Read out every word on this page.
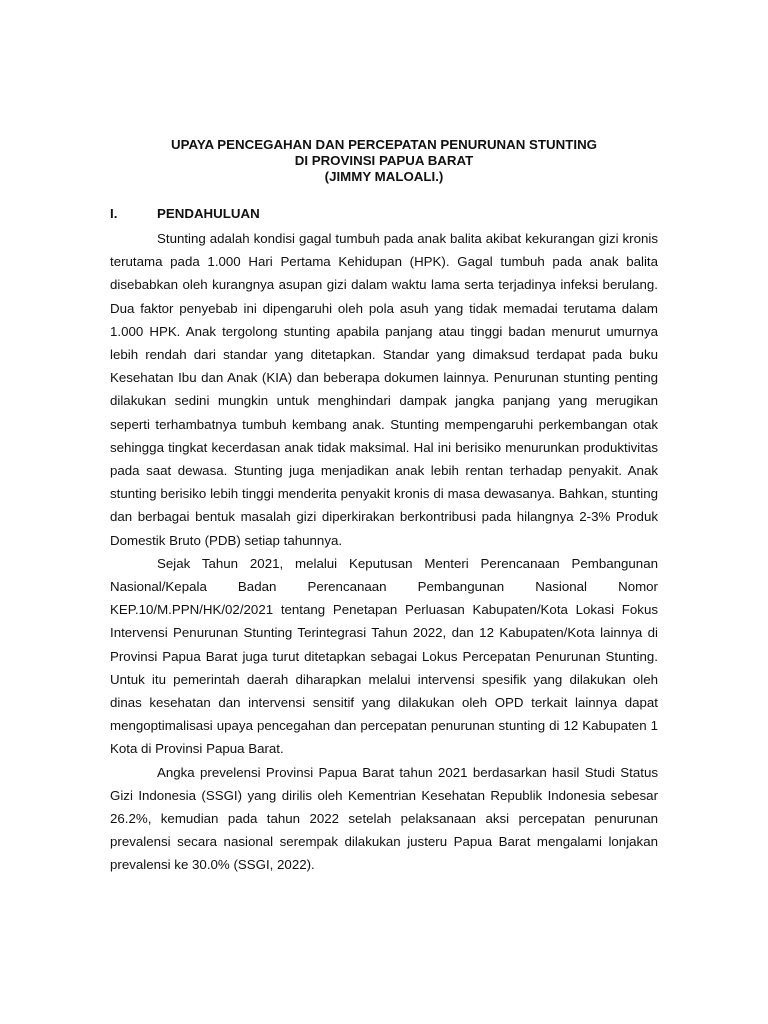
UPAYA PENCEGAHAN DAN PERCEPATAN PENURUNAN STUNTING
DI PROVINSI PAPUA BARAT
(JIMMY MALOALI.)
I.	PENDAHULUAN

Stunting adalah kondisi gagal tumbuh pada anak balita akibat kekurangan gizi kronis terutama pada 1.000 Hari Pertama Kehidupan (HPK). Gagal tumbuh pada anak balita disebabkan oleh kurangnya asupan gizi dalam waktu lama serta terjadinya infeksi berulang. Dua faktor penyebab ini dipengaruhi oleh pola asuh yang tidak memadai terutama dalam 1.000 HPK. Anak tergolong stunting apabila panjang atau tinggi badan menurut umurnya lebih rendah dari standar yang ditetapkan. Standar yang dimaksud terdapat pada buku Kesehatan Ibu dan Anak (KIA) dan beberapa dokumen lainnya. Penurunan stunting penting dilakukan sedini mungkin untuk menghindari dampak jangka panjang yang merugikan seperti terhambatnya tumbuh kembang anak. Stunting mempengaruhi perkembangan otak sehingga tingkat kecerdasan anak tidak maksimal. Hal ini berisiko menurunkan produktivitas pada saat dewasa. Stunting juga menjadikan anak lebih rentan terhadap penyakit. Anak stunting berisiko lebih tinggi menderita penyakit kronis di masa dewasanya. Bahkan, stunting dan berbagai bentuk masalah gizi diperkirakan berkontribusi pada hilangnya 2-3% Produk Domestik Bruto (PDB) setiap tahunnya.

Sejak Tahun 2021, melalui Keputusan Menteri Perencanaan Pembangunan Nasional/Kepala Badan Perencanaan Pembangunan Nasional Nomor KEP.10/M.PPN/HK/02/2021 tentang Penetapan Perluasan Kabupaten/Kota Lokasi Fokus Intervensi Penurunan Stunting Terintegrasi Tahun 2022, dan 12 Kabupaten/Kota lainnya di Provinsi Papua Barat juga turut ditetapkan sebagai Lokus Percepatan Penurunan Stunting. Untuk itu pemerintah daerah diharapkan melalui intervensi spesifik yang dilakukan oleh dinas kesehatan dan intervensi sensitif yang dilakukan oleh OPD terkait lainnya dapat mengoptimalisasi upaya pencegahan dan percepatan penurunan stunting di 12 Kabupaten 1 Kota di Provinsi Papua Barat.

Angka prevelensi Provinsi Papua Barat tahun 2021 berdasarkan hasil Studi Status Gizi Indonesia (SSGI) yang dirilis oleh Kementrian Kesehatan Republik Indonesia sebesar 26.2%, kemudian pada tahun 2022 setelah pelaksanaan aksi percepatan penurunan prevalensi secara nasional serempak dilakukan justeru Papua Barat mengalami lonjakan prevalensi ke 30.0% (SSGI, 2022).
